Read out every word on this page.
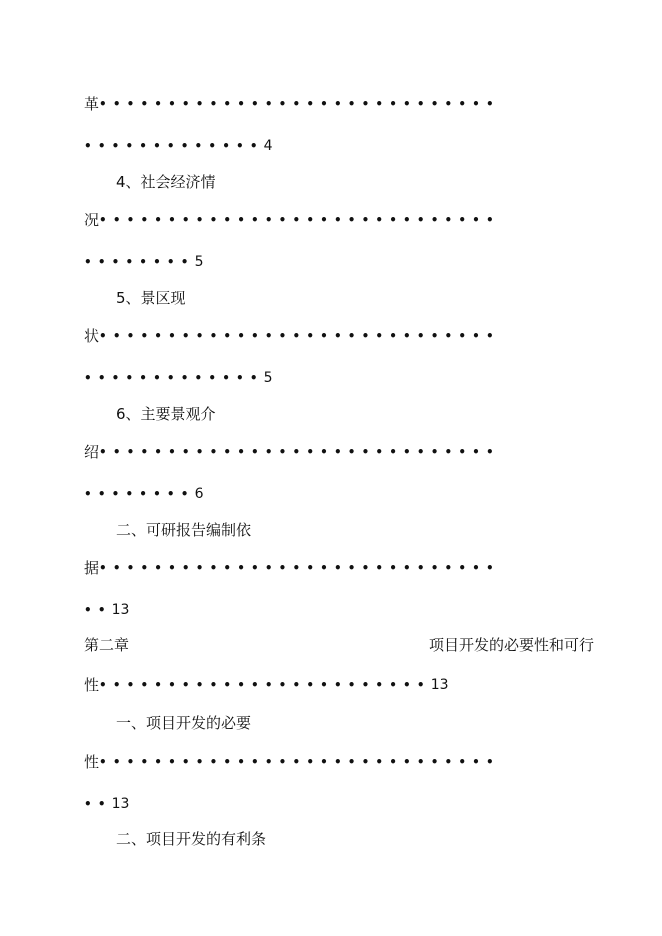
革•••••••••••••••••••••••••••••
•••••••••••••4
4、社会经济情
况•••••••••••••••••••••••••••••
••••••••5
5、景区现
状•••••••••••••••••••••••••••••
•••••••••••••5
6、主要景观介
绍•••••••••••••••••••••••••••••
••••••••6
二、可研报告编制依
据•••••••••••••••••••••••••••••
••13
第二章	项目开发的必要性和可行
性••••••••••••••••••••••••13
一、项目开发的必要
性•••••••••••••••••••••••••••••
••13
二、项目开发的有利条
